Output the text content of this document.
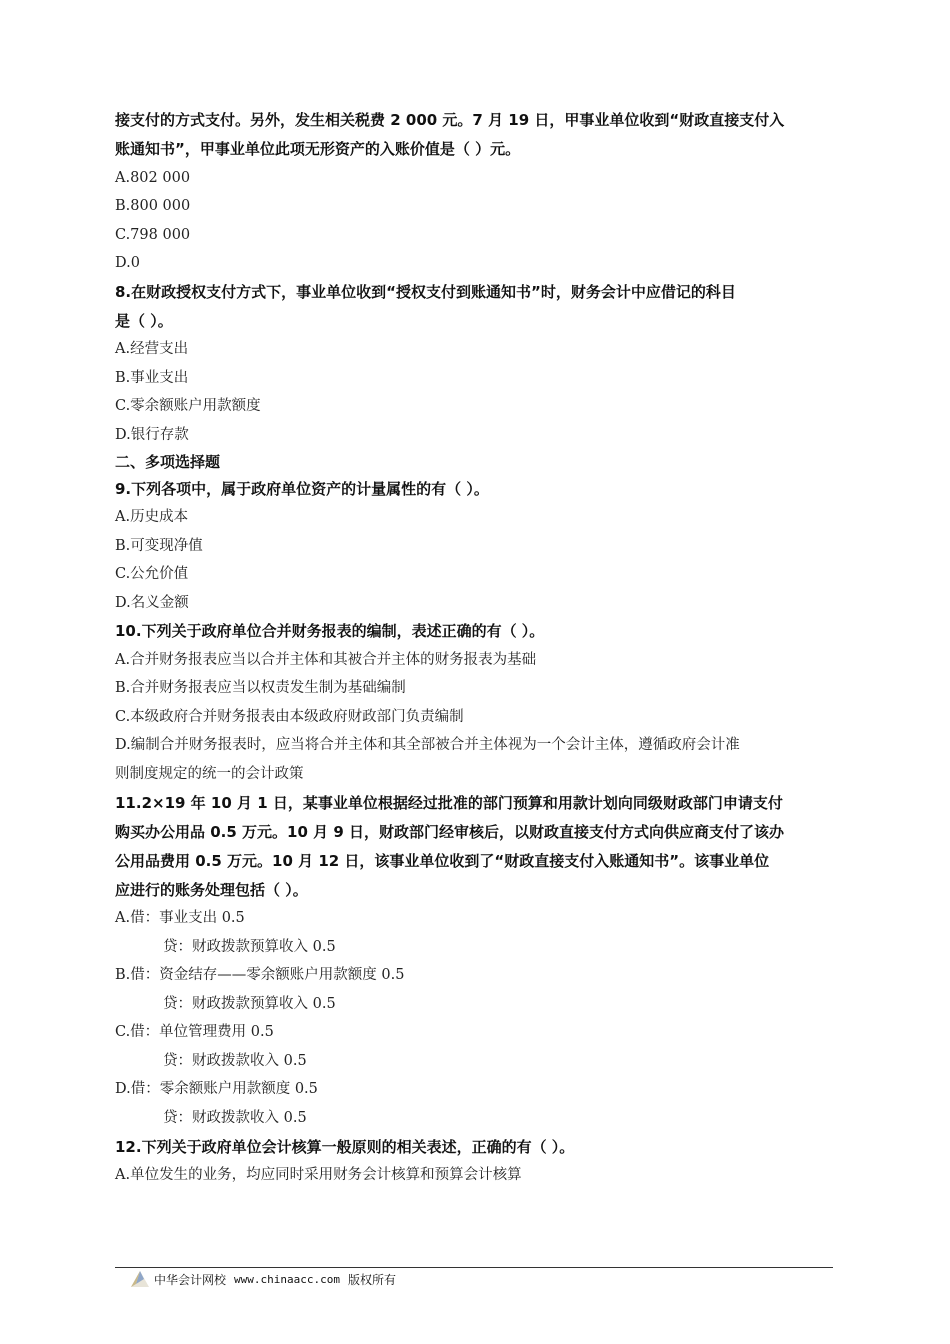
接支付的方式支付。另外，发生相关税费 2 000 元。7 月 19 日，甲事业单位收到“财政直接支付入
账通知书”，甲事业单位此项无形资产的入账价值是（ ）元。
A.802 000
B.800 000
C.798 000
D.0
8.在财政授权支付方式下，事业单位收到“授权支付到账通知书”时，财务会计中应借记的科目
是（ ）。
A.经营支出
B.事业支出
C.零余额账户用款额度
D.银行存款
二、多项选择题
9.下列各项中，属于政府单位资产的计量属性的有（ ）。
A.历史成本
B.可变现净值
C.公允价值
D.名义金额
10.下列关于政府单位合并财务报表的编制，表述正确的有（ ）。
A.合并财务报表应当以合并主体和其被合并主体的财务报表为基础
B.合并财务报表应当以权责发生制为基础编制
C.本级政府合并财务报表由本级政府财政部门负责编制
D.编制合并财务报表时，应当将合并主体和其全部被合并主体视为一个会计主体，遵循政府会计准
则制度规定的统一的会计政策
11.2×19 年 10 月 1 日，某事业单位根据经过批准的部门预算和用款计划向同级财政部门申请支付
购买办公用品 0.5 万元。10 月 9 日，财政部门经审核后，以财政直接支付方式向供应商支付了该办
公用品费用 0.5 万元。10 月 12 日，该事业单位收到了“财政直接支付入账通知书”。该事业单位
应进行的账务处理包括（ ）。
A.借：事业支出 0.5
贷：财政拨款预算收入 0.5
B.借：资金结存——零余额账户用款额度 0.5
贷：财政拨款预算收入 0.5
C.借：单位管理费用 0.5
贷：财政拨款收入 0.5
D.借：零余额账户用款额度 0.5
贷：财政拨款收入 0.5
12.下列关于政府单位会计核算一般原则的相关表述，正确的有（ ）。
A.单位发生的业务，均应同时采用财务会计核算和预算会计核算
中华会计网校 www.chinaacc.com 版权所有
